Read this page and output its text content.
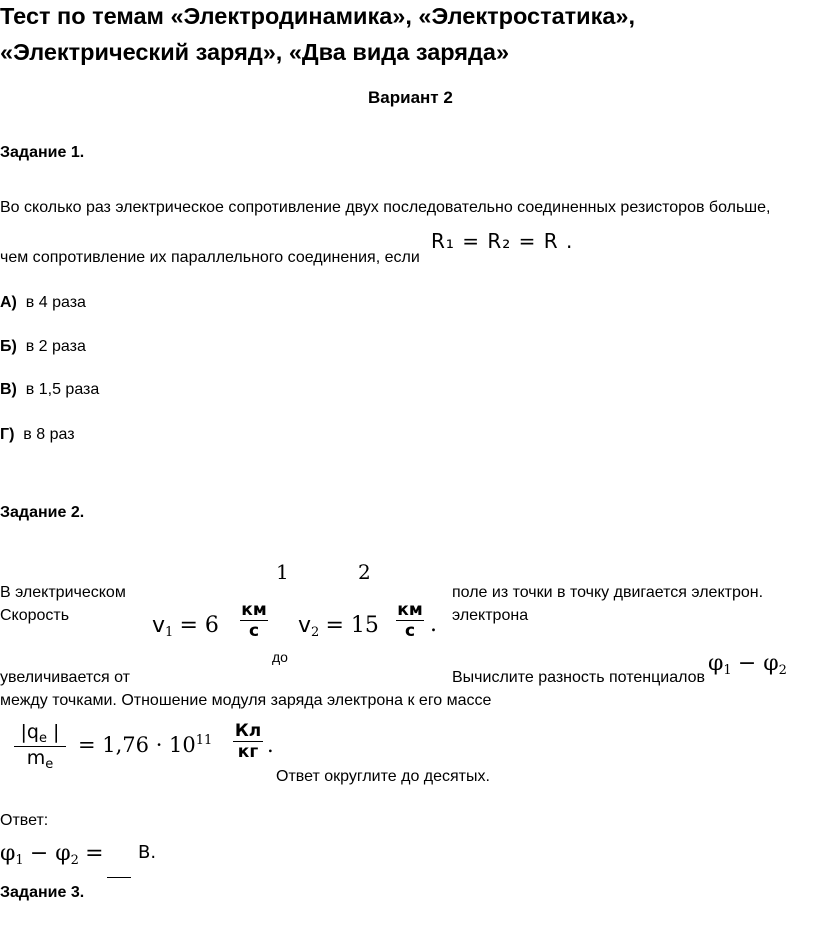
Тест по темам «Электродинамика», «Электростатика»,
«Электрический заряд», «Два вида заряда»
Вариант 2
Задание 1.
Во сколько раз электрическое сопротивление двух последовательно соединенных резисторов больше,
чем сопротивление их параллельного соединения, если
R₁ = R₂ = R .
А) в 4 раза
Б) в 2 раза
В) в 1,5 раза
Г) в 8 раз
Задание 2.
1	2
В электрическом	поле из точки в точку двигается электрон.
Скорость	электрона
$v_1 = 6$
км
с	$v_2 = 15$
км
с .
до
увеличивается от	Вычислите разность потенциалов
$\varphi_1 - \varphi_2$
между точками. Отношение модуля заряда электрона к его массе
$|q_e$ |
$m_e$
= $1,76 \cdot 10^{11}$ Кл
кг .
Ответ округлите до десятых.
Ответ:
$\varphi_1 - \varphi_2 = В$.
Задание 3.
